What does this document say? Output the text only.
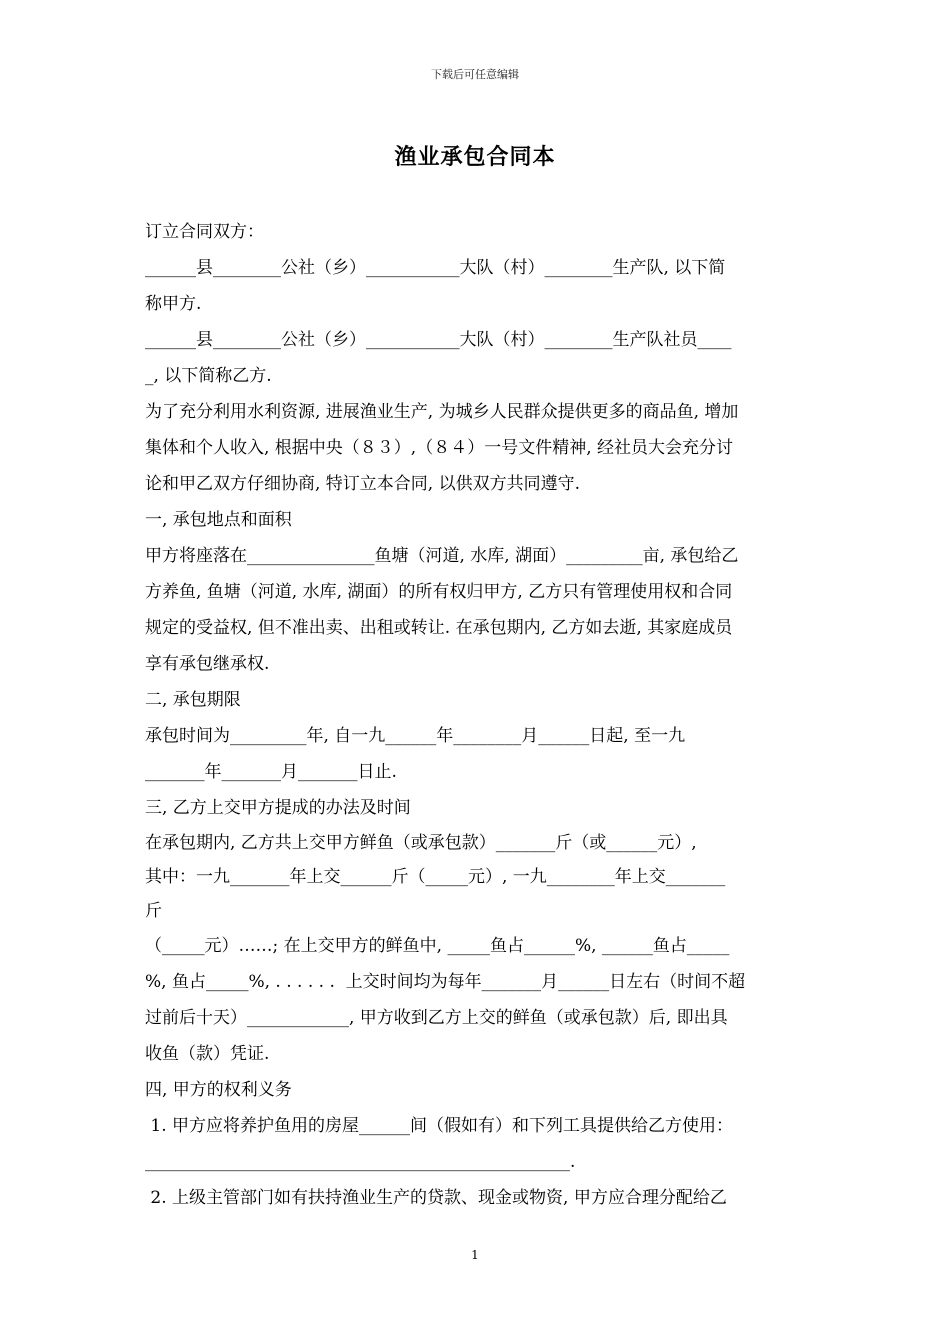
下载后可任意编辑
渔业承包合同本
订立合同双方：
______县________公社（乡）___________大队（村）________生产队, 以下简
称甲方.
______县________公社（乡）___________大队（村）________生产队社员____
_, 以下简称乙方.
为了充分利用水利资源, 进展渔业生产, 为城乡人民群众提供更多的商品鱼, 增加
集体和个人收入, 根据中央（８３）,（８４）一号文件精神, 经社员大会充分讨
论和甲乙双方仔细协商, 特订立本合同, 以供双方共同遵守.
一, 承包地点和面积
甲方将座落在_______________鱼塘（河道, 水库, 湖面）_________亩, 承包给乙
方养鱼, 鱼塘（河道, 水库, 湖面）的所有权归甲方, 乙方只有管理使用权和合同
规定的受益权, 但不准出卖、出租或转让. 在承包期内, 乙方如去逝, 其家庭成员
享有承包继承权.
二, 承包期限
承包时间为_________年, 自一九______年________月______日起, 至一九
_______年_______月_______日止.
三, 乙方上交甲方提成的办法及时间
在承包期内, 乙方共上交甲方鲜鱼（或承包款）_______斤（或______元）,
其中：一九_______年上交______斤（_____元）, 一九________年上交_______
斤
（_____元）……; 在上交甲方的鲜鱼中, _____鱼占______%, ______鱼占_____
%, 鱼占_____%, . . . . . .  上交时间均为每年_______月______日左右（时间不超
过前后十天）____________, 甲方收到乙方上交的鲜鱼（或承包款）后, 即出具
收鱼（款）凭证.
四, 甲方的权利义务
1. 甲方应将养护鱼用的房屋______间（假如有）和下列工具提供给乙方使用：
__________________________________________________.
2. 上级主管部门如有扶持渔业生产的贷款、现金或物资, 甲方应合理分配给乙
1
